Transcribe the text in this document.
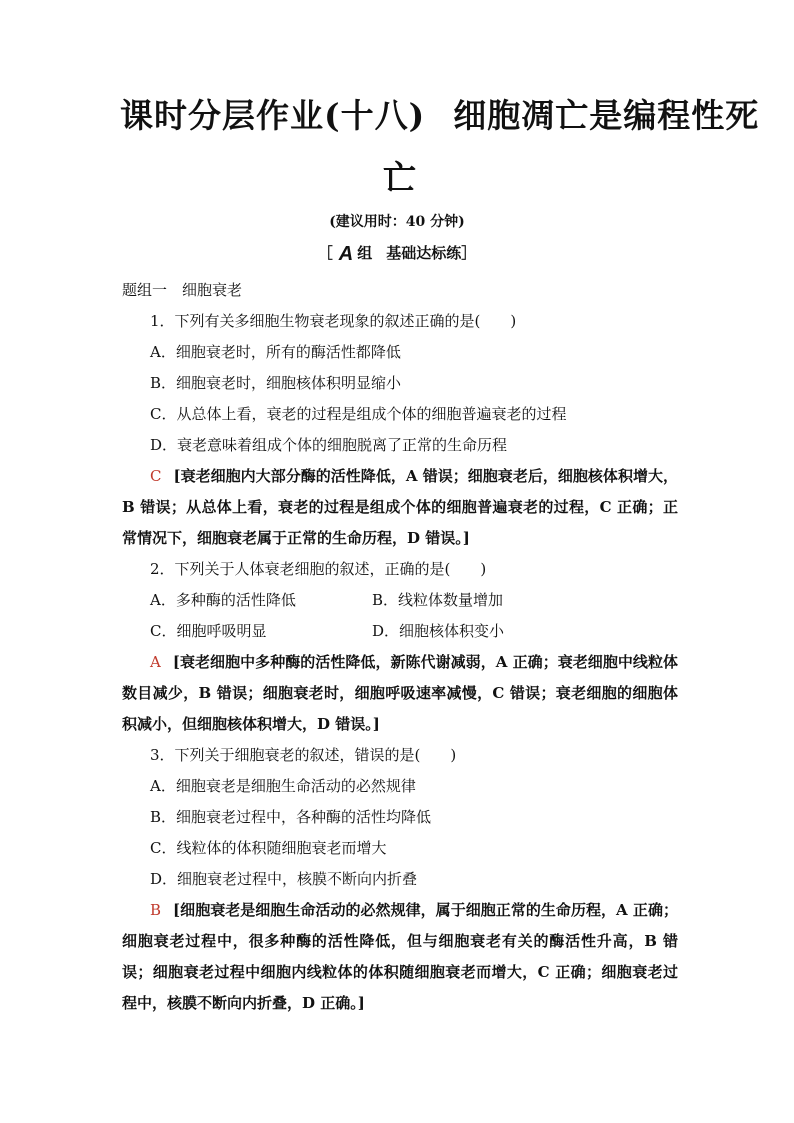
课时分层作业(十八) 细胞凋亡是编程性死
亡
(建议用时：40 分钟)
［ A 组 基础达标练］
题组一　细胞衰老
1．下列有关多细胞生物衰老现象的叙述正确的是(　　)
A．细胞衰老时，所有的酶活性都降低
B．细胞衰老时，细胞核体积明显缩小
C．从总体上看，衰老的过程是组成个体的细胞普遍衰老的过程
D．衰老意味着组成个体的细胞脱离了正常的生命历程
C [衰老细胞内大部分酶的活性降低，A 错误；细胞衰老后，细胞核体积增大，B 错误；从总体上看，衰老的过程是组成个体的细胞普遍衰老的过程，C 正确；正常情况下，细胞衰老属于正常的生命历程，D 错误。]
2．下列关于人体衰老细胞的叙述，正确的是(　　)
A．多种酶的活性降低	B．线粒体数量增加
C．细胞呼吸明显	D．细胞核体积变小
A [衰老细胞中多种酶的活性降低，新陈代谢减弱，A 正确；衰老细胞中线粒体数目减少，B 错误；细胞衰老时，细胞呼吸速率减慢，C 错误；衰老细胞的细胞体积减小，但细胞核体积增大，D 错误。]
3．下列关于细胞衰老的叙述，错误的是(　　)
A．细胞衰老是细胞生命活动的必然规律
B．细胞衰老过程中，各种酶的活性均降低
C．线粒体的体积随细胞衰老而增大
D．细胞衰老过程中，核膜不断向内折叠
B [细胞衰老是细胞生命活动的必然规律，属于细胞正常的生命历程，A 正确；细胞衰老过程中，很多种酶的活性降低，但与细胞衰老有关的酶活性升高，B 错误；细胞衰老过程中细胞内线粒体的体积随细胞衰老而增大，C 正确；细胞衰老过程中，核膜不断向内折叠，D 正确。]
